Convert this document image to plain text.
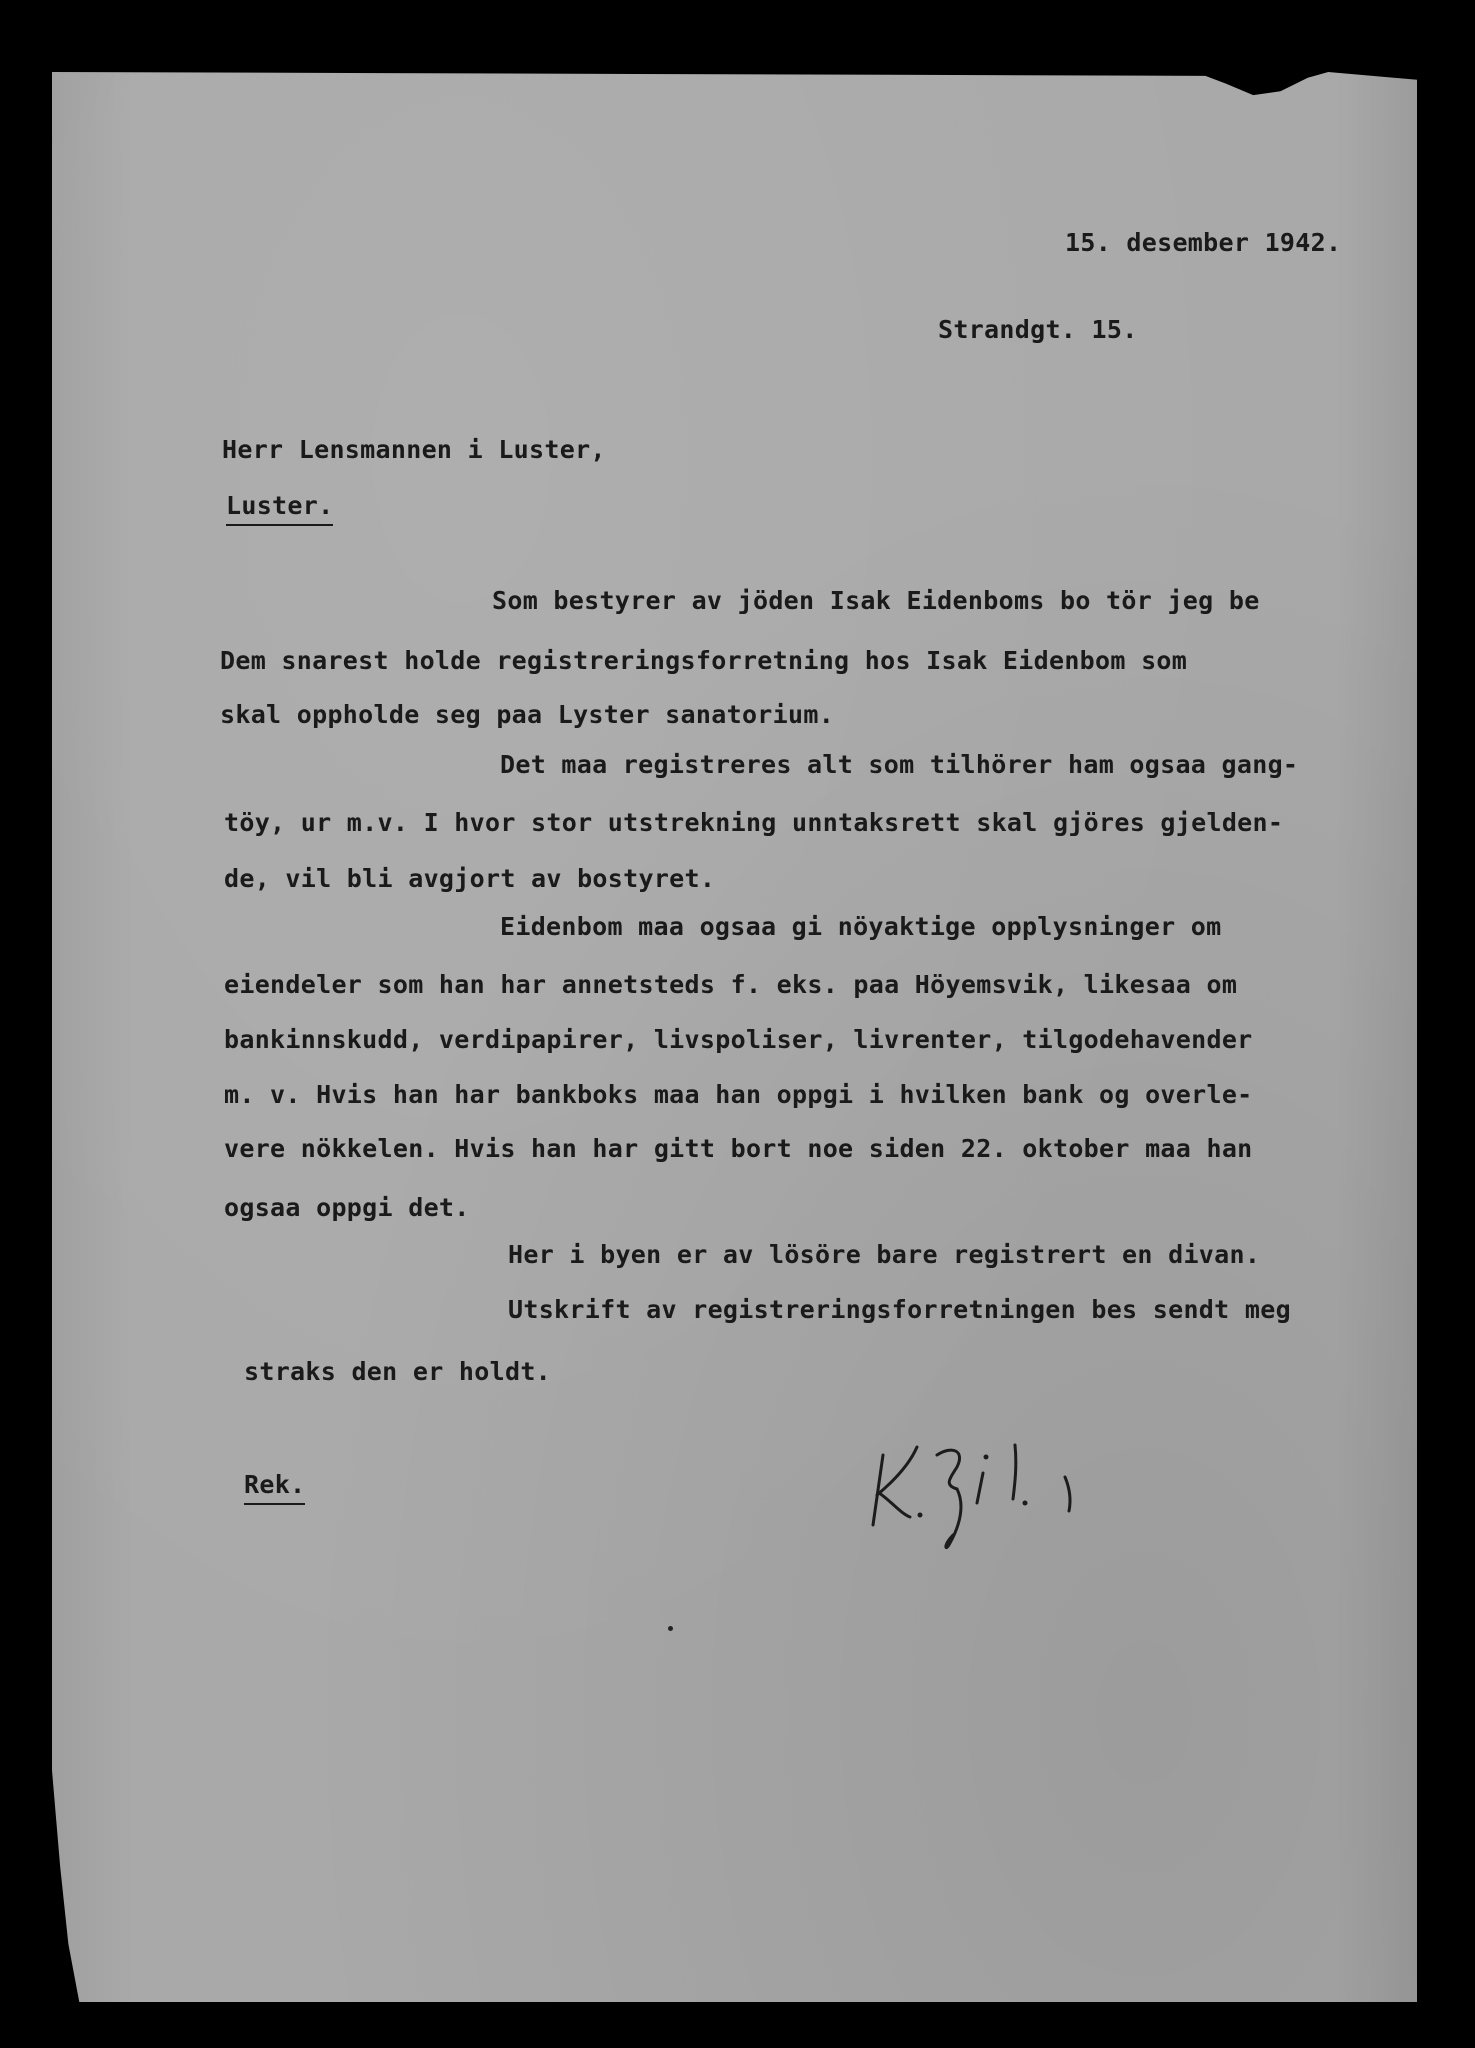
15. desember 1942.
Strandgt. 15.
Herr Lensmannen i Luster,
Luster.
Som bestyrer av jöden Isak Eidenboms bo tör jeg be
Dem snarest holde registreringsforretning hos Isak Eidenbom som
skal oppholde seg paa Lyster sanatorium.
Det maa registreres alt som tilhörer ham ogsaa gang-
töy, ur m.v. I hvor stor utstrekning unntaksrett skal gjöres gjelden-
de, vil bli avgjort av bostyret.
Eidenbom maa ogsaa gi nöyaktige opplysninger om
eiendeler som han har annetsteds f. eks. paa Höyemsvik, likesaa om
bankinnskudd, verdipapirer, livspoliser, livrenter, tilgodehavender
m. v. Hvis han har bankboks maa han oppgi i hvilken bank og overle-
vere nökkelen. Hvis han har gitt bort noe siden 22. oktober maa han
ogsaa oppgi det.
Her i byen er av lösöre bare registrert en divan.
Utskrift av registreringsforretningen bes sendt meg
straks den er holdt.
Rek.
